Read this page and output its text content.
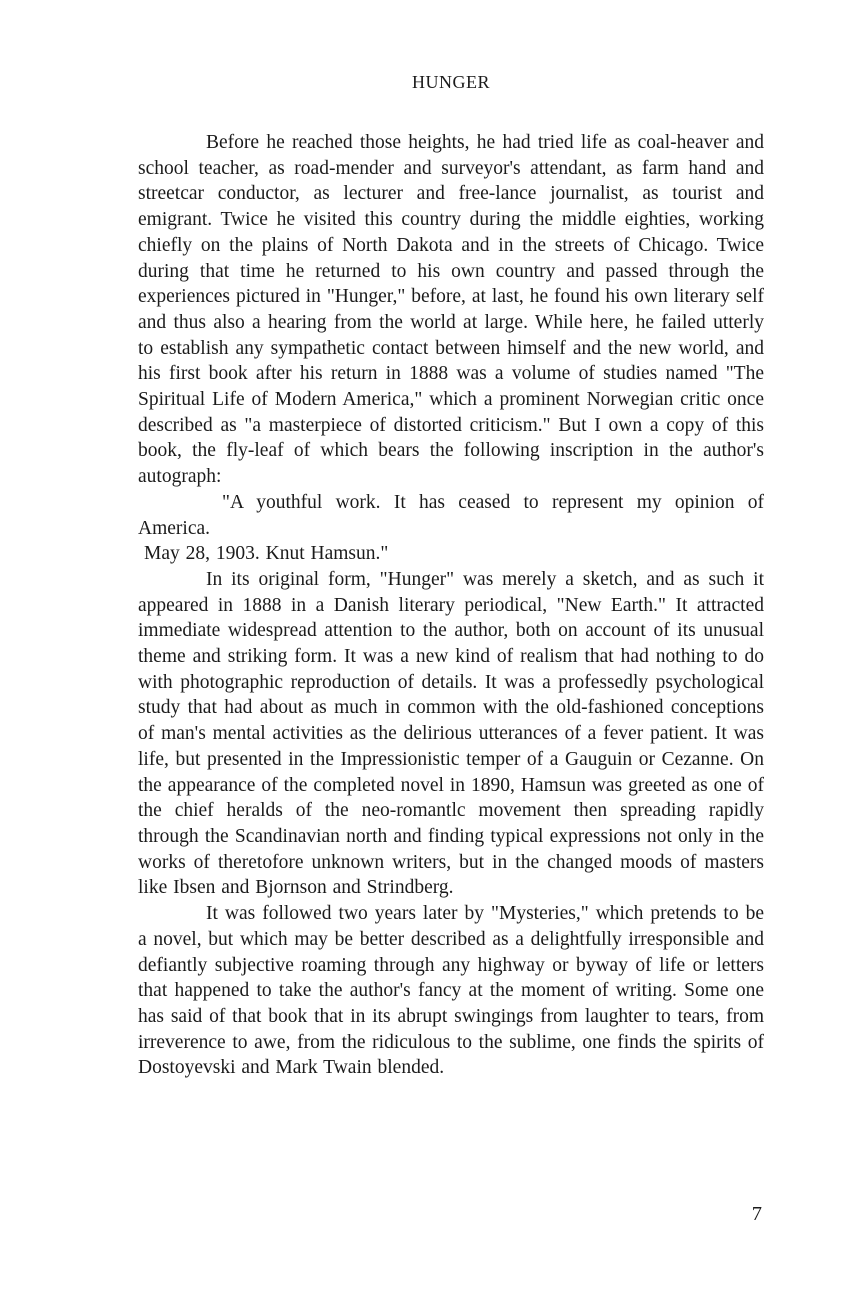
HUNGER

Before he reached those heights, he had tried life as coal-heaver and school teacher, as road-mender and surveyor's attendant, as farm hand and streetcar conductor, as lecturer and free-lance journalist, as tourist and emigrant. Twice he visited this country during the middle eighties, working chiefly on the plains of North Dakota and in the streets of Chicago. Twice during that time he returned to his own country and passed through the experiences pictured in "Hunger," before, at last, he found his own literary self and thus also a hearing from the world at large. While here, he failed utterly to establish any sympathetic contact between himself and the new world, and his first book after his return in 1888 was a volume of studies named "The Spiritual Life of Modern America," which a prominent Norwegian critic once described as "a masterpiece of distorted criticism." But I own a copy of this book, the fly-leaf of which bears the following inscription in the author's autograph:

"A youthful work. It has ceased to represent my opinion of America.

May 28, 1903. Knut Hamsun."

In its original form, "Hunger" was merely a sketch, and as such it appeared in 1888 in a Danish literary periodical, "New Earth." It attracted immediate widespread attention to the author, both on account of its unusual theme and striking form. It was a new kind of realism that had nothing to do with photographic reproduction of details. It was a professedly psychological study that had about as much in common with the old-fashioned conceptions of man's mental activities as the delirious utterances of a fever patient. It was life, but presented in the Impressionistic temper of a Gauguin or Cezanne. On the appearance of the completed novel in 1890, Hamsun was greeted as one of the chief heralds of the neo-romantlc movement then spreading rapidly through the Scandinavian north and finding typical expressions not only in the works of theretofore unknown writers, but in the changed moods of masters like Ibsen and Bjornson and Strindberg.

It was followed two years later by "Mysteries," which pretends to be a novel, but which may be better described as a delightfully irresponsible and defiantly subjective roaming through any highway or byway of life or letters that happened to take the author's fancy at the moment of writing. Some one has said of that book that in its abrupt swingings from laughter to tears, from irreverence to awe, from the ridiculous to the sublime, one finds the spirits of Dostoyevski and Mark Twain blended.

7
